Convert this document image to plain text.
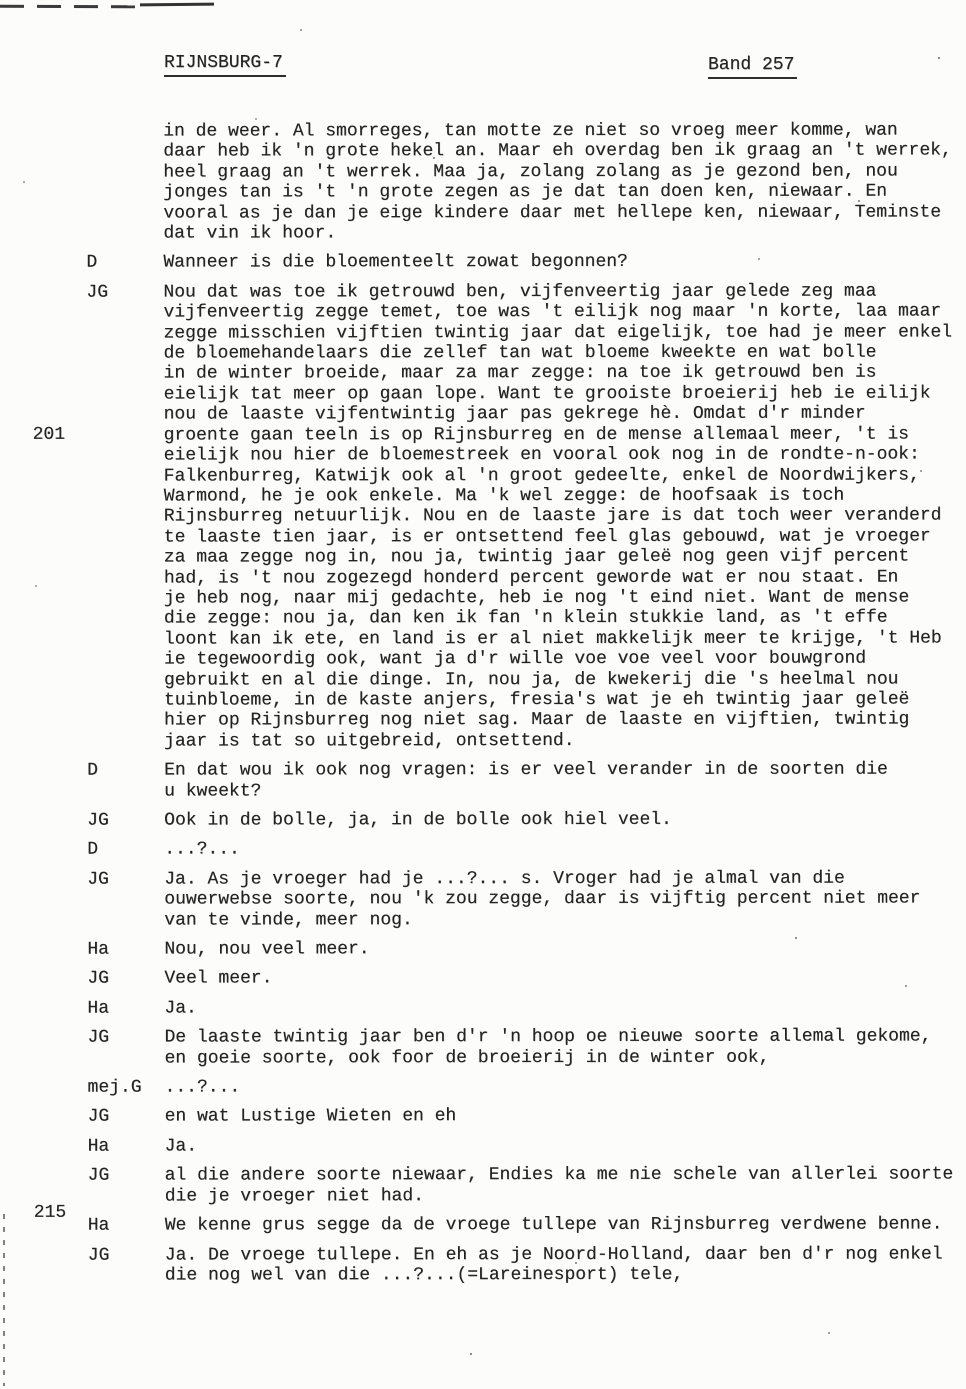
RIJNSBURG-7	Band 257
in de weer. Al smorreges, tan motte ze niet so vroeg meer komme, wan
daar heb ik 'n grote hekel an. Maar eh overdag ben ik graag an 't werrek,
heel graag an 't werrek. Maa ja, zolang zolang as je gezond ben, nou
jonges tan is 't 'n grote zegen as je dat tan doen ken, niewaar. En
vooral as je dan je eige kindere daar met hellepe ken, niewaar, Teminste
dat vin ik hoor.
D	Wanneer is die bloementeelt zowat begonnen?
201
JG	Nou dat was toe ik getrouwd ben, vijfenveertig jaar gelede zeg maa
vijfenveertig zegge temet, toe was 't eilijk nog maar 'n korte, laa maar
zegge misschien vijftien twintig jaar dat eigelijk, toe had je meer enkel
de bloemehandelaars die zellef tan wat bloeme kweekte en wat bolle
in de winter broeide, maar za mar zegge: na toe ik getrouwd ben is
eielijk tat meer op gaan lope. Want te grooiste broeierij heb ie eilijk
nou de laaste vijfentwintig jaar pas gekrege hè. Omdat d'r minder
groente gaan teeln is op Rijnsburreg en de mense allemaal meer, 't is
eielijk nou hier de bloemestreek en vooral ook nog in de rondte-n-ook:
Falkenburreg, Katwijk ook al 'n groot gedeelte, enkel de Noordwijkers,
Warmond, he je ook enkele. Ma 'k wel zegge: de hoofsaak is toch
Rijnsburreg netuurlijk. Nou en de laaste jare is dat toch weer veranderd
te laaste tien jaar, is er ontsettend feel glas gebouwd, wat je vroeger
za maa zegge nog in, nou ja, twintig jaar geleë nog geen vijf percent
had, is 't nou zogezegd honderd percent geworde wat er nou staat. En
je heb nog, naar mij gedachte, heb ie nog 't eind niet. Want de mense
die zegge: nou ja, dan ken ik fan 'n klein stukkie land, as 't effe
loont kan ik ete, en land is er al niet makkelijk meer te krijge, 't Heb
ie tegewoordig ook, want ja d'r wille voe voe veel voor bouwgrond
gebruikt en al die dinge. In, nou ja, de kwekerij die 's heelmal nou
tuinbloeme, in de kaste anjers, fresia's wat je eh twintig jaar geleë
hier op Rijnsburreg nog niet sag. Maar de laaste en vijftien, twintig
jaar is tat so uitgebreid, ontsettend.
D	En dat wou ik ook nog vragen: is er veel verander in de soorten die
u kweekt?
JG	Ook in de bolle, ja, in de bolle ook hiel veel.
D	...?...
JG	Ja. As je vroeger had je ...?... s. Vroger had je almal van die
ouwerwebse soorte, nou 'k zou zegge, daar is vijftig percent niet meer
van te vinde, meer nog.
Ha	Nou, nou veel meer.
JG	Veel meer.
Ha	Ja.
JG	De laaste twintig jaar ben d'r 'n hoop oe nieuwe soorte allemal gekome,
en goeie soorte, ook foor de broeierij in de winter ook,
mej.G ...?...
JG	en wat Lustige Wieten en eh
Ha	Ja.
JG	al die andere soorte niewaar, Endies ka me nie schele van allerlei soorte
die je vroeger niet had.
215
Ha	We kenne grus segge da de vroege tullepe van Rijnsburreg verdwene benne.
JG	Ja. De vroege tullepe. En eh as je Noord-Holland, daar ben d'r nog enkel
die nog wel van die ...?...(=Lareinesport) tele,
